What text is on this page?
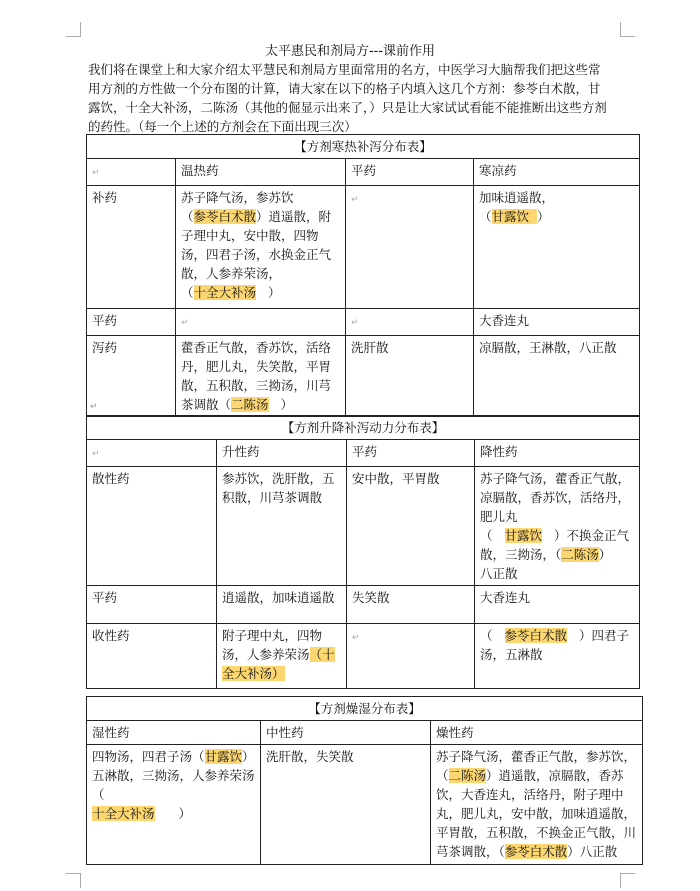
太平惠民和剂局方---课前作用
我们将在课堂上和大家介绍太平慧民和剂局方里面常用的名方，中医学习大脑帮我们把这些常用方剂的方性做一个分布图的计算，请大家在以下的格子内填入这几个方剂：参苓白术散，甘露饮，十全大补汤，二陈汤（其他的倔显示出来了，）只是让大家试试看能不能推断出这些方剂的药性。（每一个上述的方剂会在下面出现三次）
【方剂寒热补泻分布表】			
↵	温热药	平药	寒凉药
补药	苏子降气汤，参苏饮
（参苓白术散）逍遥散，附子理中丸，安中散，四物汤，四君子汤，水换金正气散，人参养荣汤，
（十全大补汤 ）	↵	加味逍遥散，
（甘露饮 ）
平药	↵	↵	大香连丸
泻药	藿香正气散，香苏饮，活络丹，肥儿丸，失笑散，平胃散，五积散，三拗汤，川芎茶调散（二陈汤 ）	洗肝散	凉膈散，王淋散，八正散
↵
【方剂升降补泻动力分布表】			
↵	升性药	平药	降性药
散性药	参苏饮，洗肝散，五积散，川芎茶调散	安中散，平胃散	苏子降气汤，藿香正气散，凉膈散，香苏饮，活络丹，肥儿丸
（ 甘露饮 ）不换金正气散，三拗汤，（二陈汤）
八正散
平药	逍遥散，加味逍遥散	失笑散	大香连丸
收性药	附子理中丸，四物汤，人参养荣汤（十全大补汤）	↵	（ 参苓白术散 ）四君子汤，五淋散
【方剂燥湿分布表】		
湿性药	中性药	燥性药
四物汤，四君子汤（甘露饮）五淋散，三拗汤，人参养荣汤（
十全大补汤 ）	洗肝散，失笑散	苏子降气汤，藿香正气散，参苏饮，（二陈汤）逍遥散，凉膈散，香苏饮，大香连丸，活络丹，附子理中丸，肥儿丸，安中散，加味逍遥散，平胃散，五积散，不换金正气散，川芎茶调散，（参苓白术散）八正散
